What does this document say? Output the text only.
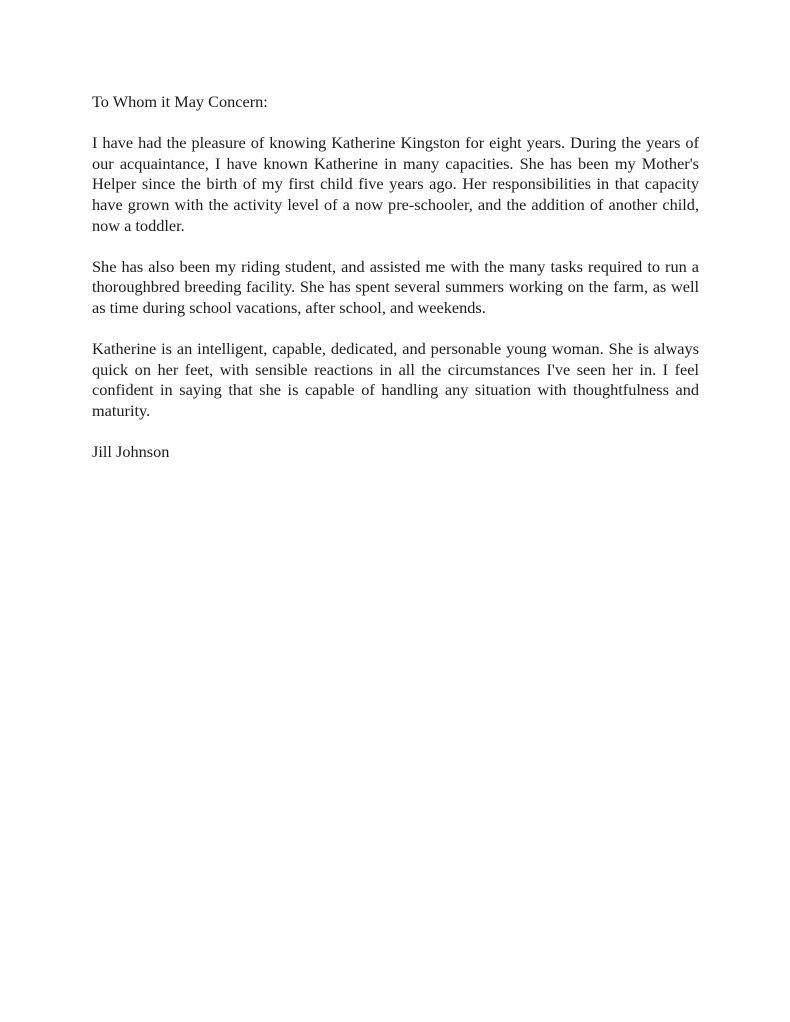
To Whom it May Concern:

I have had the pleasure of knowing Katherine Kingston for eight years. During the years of our acquaintance, I have known Katherine in many capacities. She has been my Mother's Helper since the birth of my first child five years ago. Her responsibilities in that capacity have grown with the activity level of a now pre-schooler, and the addition of another child, now a toddler.

She has also been my riding student, and assisted me with the many tasks required to run a thoroughbred breeding facility. She has spent several summers working on the farm, as well as time during school vacations, after school, and weekends.

Katherine is an intelligent, capable, dedicated, and personable young woman. She is always quick on her feet, with sensible reactions in all the circumstances I've seen her in. I feel confident in saying that she is capable of handling any situation with thoughtfulness and maturity.

Jill Johnson
